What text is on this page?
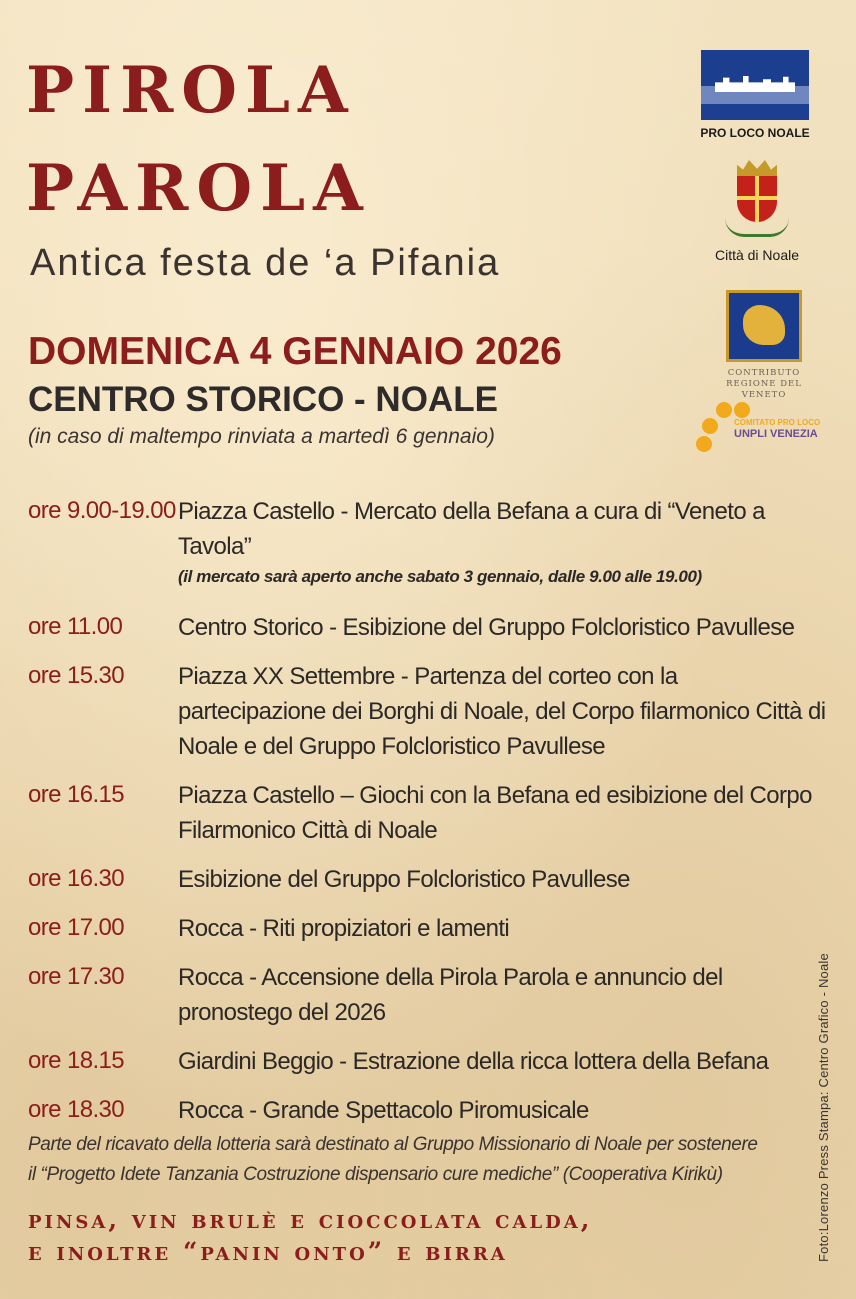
pirola
parola
Antica festa de ‘a Pifania
DOMENICA 4 GENNAIO 2026
CENTRO STORICO - NOALE
(in caso di maltempo rinviata a martedì 6 gennaio)
PRO LOCO NOALE
Città di Noale
CONTRIBUTO
REGIONE DEL VENETO
COMITATO PRO LOCO
UNPLI VENEZIA
ore 9.00-19.00 Piazza Castello - Mercato della Befana a cura di “Veneto a Tavola”
(il mercato sarà aperto anche sabato 3 gennaio, dalle 9.00 alle 19.00)
ore 11.00	Centro Storico - Esibizione del Gruppo Folcloristico Pavullese
ore 15.30	Piazza XX Settembre - Partenza del corteo con la partecipazione dei Borghi di Noale, del Corpo filarmonico Città di Noale e del Gruppo Folcloristico Pavullese
ore 16.15	Piazza Castello – Giochi con la Befana ed esibizione del Corpo Filarmonico Città di Noale
ore 16.30	Esibizione del Gruppo Folcloristico Pavullese
ore 17.00	Rocca - Riti propiziatori e lamenti
ore 17.30	Rocca - Accensione della Pirola Parola e annuncio del pronostego del 2026
ore 18.15	Giardini Beggio - Estrazione della ricca lottera della Befana
ore 18.30	Rocca - Grande Spettacolo Piromusicale
Parte del ricavato della lotteria sarà destinato al Gruppo Missionario di Noale per sostenere
il “Progetto Idete Tanzania Costruzione dispensario cure mediche” (Cooperativa Kirikù)
pinsa, vin brulè e cioccolata calda,
e inoltre “panin onto” e birra	Foto:Lorenzo Press Stampa: Centro Grafico - Noale
